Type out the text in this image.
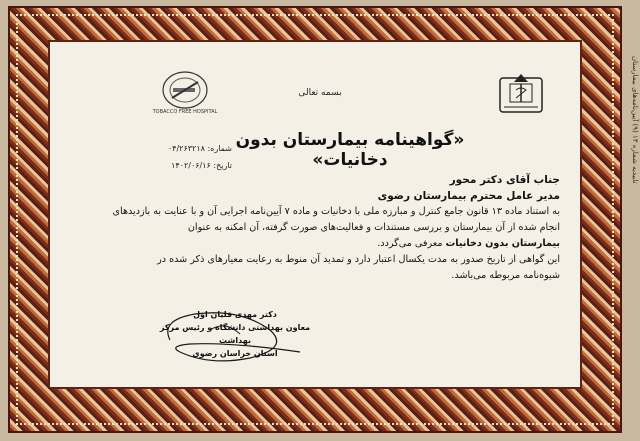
تاییدیه شماره ۱۳ (۹) آیین‌نامه‌های بیمارستان
TOBACCO FREE HOSPITAL
بسمه تعالی
«گواهینامه بیمارستان بدون دخانیات»
شماره: ۰۴/۲۶۳۲۱۸
تاریخ: ۱۴۰۲/۰۶/۱۶
جناب آقای دکتر محور
مدیر عامل محترم بیمارستان رضوی
به استناد ماده ۱۳ قانون جامع کنترل و مبارزه ملی با دخانیات و ماده ۷ آیین‌نامه اجرایی آن و با عنایت به بازدیدهای
انجام شده از آن بیمارستان و بررسی مستندات و فعالیت‌های صورت گرفته، آن امکنه به عنوان
بیمارستان بدون دخانیات معرفی می‌گردد.
این گواهی از تاریخ صدور به مدت یکسال اعتبار دارد و تمدید آن منوط به رعایت معیارهای ذکر شده در
شیوه‌نامه مربوطه می‌باشد.
دکتر مهدی قلیان اول
معاون بهداشتی دانشگاه و رئیس مرکز بهداشت
استان خراسان رضوی
